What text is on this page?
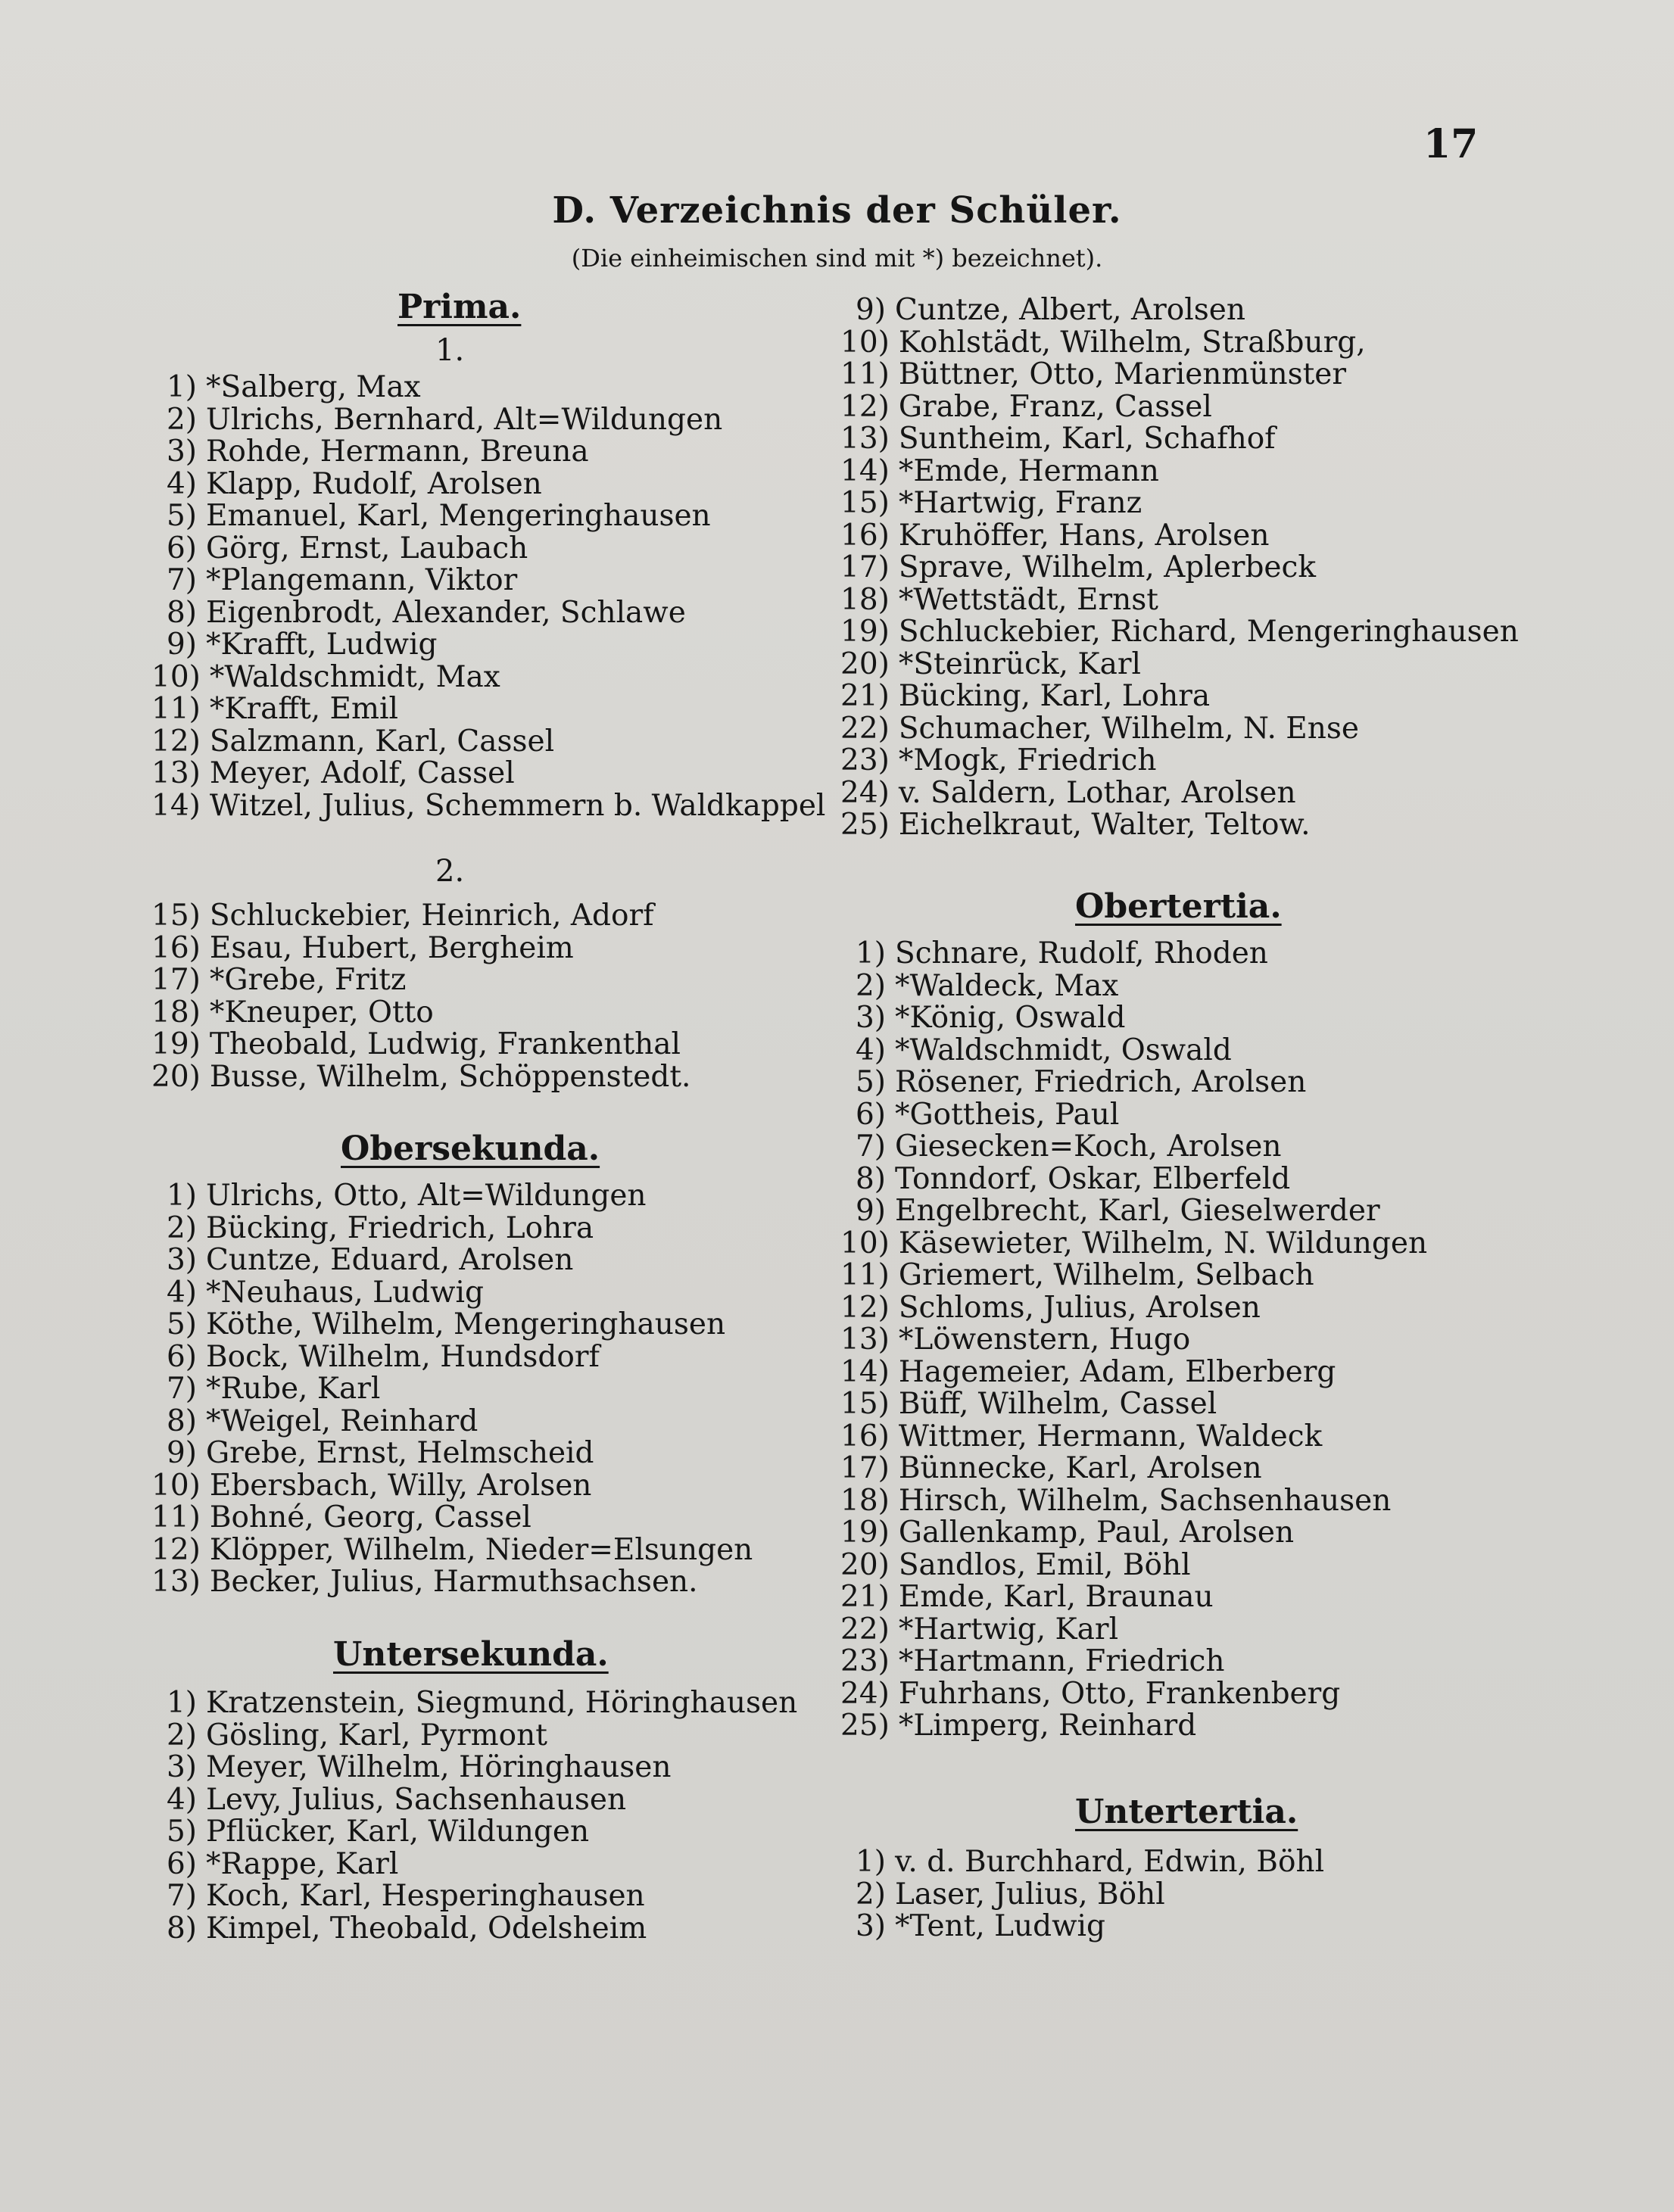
17
D. Verzeichnis der Schüler.
(Die einheimischen sind mit *) bezeichnet).
Prima.
1.
1) *Salberg, Max
2) Ulrichs, Bernhard, Alt=Wildungen
3) Rohde, Hermann, Breuna
4) Klapp, Rudolf, Arolsen
5) Emanuel, Karl, Mengeringhausen
6) Görg, Ernst, Laubach
7) *Plangemann, Viktor
8) Eigenbrodt, Alexander, Schlawe
9) *Krafft, Ludwig
10) *Waldschmidt, Max
11) *Krafft, Emil
12) Salzmann, Karl, Cassel
13) Meyer, Adolf, Cassel
14) Witzel, Julius, Schemmern b. Waldkappel
2.
15) Schluckebier, Heinrich, Adorf
16) Esau, Hubert, Bergheim
17) *Grebe, Fritz
18) *Kneuper, Otto
19) Theobald, Ludwig, Frankenthal
20) Busse, Wilhelm, Schöppenstedt.
Obersekunda.
1) Ulrichs, Otto, Alt=Wildungen
2) Bücking, Friedrich, Lohra
3) Cuntze, Eduard, Arolsen
4) *Neuhaus, Ludwig
5) Köthe, Wilhelm, Mengeringhausen
6) Bock, Wilhelm, Hundsdorf
7) *Rube, Karl
8) *Weigel, Reinhard
9) Grebe, Ernst, Helmscheid
10) Ebersbach, Willy, Arolsen
11) Bohné, Georg, Cassel
12) Klöpper, Wilhelm, Nieder=Elsungen
13) Becker, Julius, Harmuthsachsen.
Untersekunda.
1) Kratzenstein, Siegmund, Höringhausen
2) Gösling, Karl, Pyrmont
3) Meyer, Wilhelm, Höringhausen
4) Levy, Julius, Sachsenhausen
5) Pflücker, Karl, Wildungen
6) *Rappe, Karl
7) Koch, Karl, Hesperinghausen
8) Kimpel, Theobald, Odelsheim
9) Cuntze, Albert, Arolsen
10) Kohlstädt, Wilhelm, Straßburg,
11) Büttner, Otto, Marienmünster
12) Grabe, Franz, Cassel
13) Suntheim, Karl, Schafhof
14) *Emde, Hermann
15) *Hartwig, Franz
16) Kruhöffer, Hans, Arolsen
17) Sprave, Wilhelm, Aplerbeck
18) *Wettstädt, Ernst
19) Schluckebier, Richard, Mengeringhausen
20) *Steinrück, Karl
21) Bücking, Karl, Lohra
22) Schumacher, Wilhelm, N. Ense
23) *Mogk, Friedrich
24) v. Saldern, Lothar, Arolsen
25) Eichelkraut, Walter, Teltow.
Obertertia.
1) Schnare, Rudolf, Rhoden
2) *Waldeck, Max
3) *König, Oswald
4) *Waldschmidt, Oswald
5) Rösener, Friedrich, Arolsen
6) *Gottheis, Paul
7) Giesecken=Koch, Arolsen
8) Tonndorf, Oskar, Elberfeld
9) Engelbrecht, Karl, Gieselwerder
10) Käsewieter, Wilhelm, N. Wildungen
11) Griemert, Wilhelm, Selbach
12) Schloms, Julius, Arolsen
13) *Löwenstern, Hugo
14) Hagemeier, Adam, Elberberg
15) Büff, Wilhelm, Cassel
16) Wittmer, Hermann, Waldeck
17) Bünnecke, Karl, Arolsen
18) Hirsch, Wilhelm, Sachsenhausen
19) Gallenkamp, Paul, Arolsen
20) Sandlos, Emil, Böhl
21) Emde, Karl, Braunau
22) *Hartwig, Karl
23) *Hartmann, Friedrich
24) Fuhrhans, Otto, Frankenberg
25) *Limperg, Reinhard
Untertertia.
1) v. d. Burchhard, Edwin, Böhl
2) Laser, Julius, Böhl
3) *Tent, Ludwig
